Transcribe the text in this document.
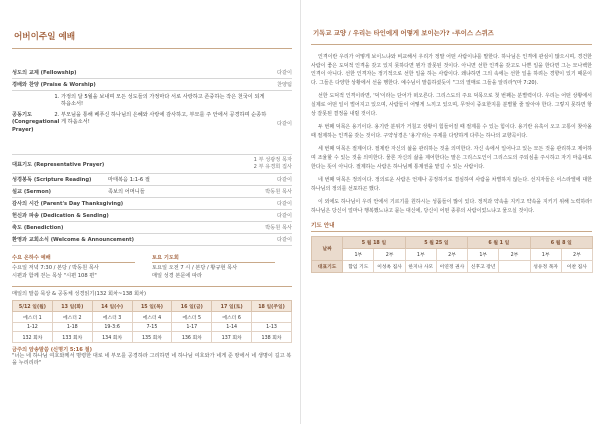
어버이주일 예배
성도의 교제 (Fellowship)	다같이
경배와 찬양 (Praise & Worship)	찬양팀
공동기도 (Congregational Prayer)
1. 가정의 달 5월을 보내며 모든 성도들의 가정마다 서로 사랑하고 존중하는 작은 천국이 되게 하옵소서!
2. 부모님을 통해 베푸신 하나님의 은혜와 사랑에 감사하고, 부모를 주 안에서 공경하며 순종하게 하옵소서!	다같이
대표기도 (Representative Prayer)
1 부 성광정 목자
2 부 유경희 집사
성경봉독 (Scripture Reading)	마태복음 1:1-6 절	다같이
설교 (Sermon)	족보의 어머니들	박동원 목사
감사의 시간 (Parent's Day Thanksgiving)	다같이
헌신과 파송 (Dedication & Sending)	다같이
축도 (Benediction)	박동원 목사
환영과 교회소식 (Welcome & Announcement)	다같이
수요 온하수 예배
수요일 저녁 7:30 / 본당 / 박동원 목사
시편과 함께 걷는 목상 "시편 108 편"
토요 기도회
토요일 오전 7 시 / 본당 / 황규현 목사
매일 성경 본문에 따라
매일의 말씀 묵상 & 공동체 성경읽기(132 회차~138 회차)
5/12 일(월)	13 일(화)	14 일(수)	15 일(목)	16 일(금)	17 일(토)	18 일(주일)
에스더 1	에스더 2	에스더 3	에스더 4	에스더 5	에스더 6	
1-12	1-18	19-3:6	7-15	1-17	1-14	1-13
132 회차	133 회차	134 회차	135 회차	136 회차	137 회차	138 회차
금주의 암송말씀 (신명기 5:16 절)
"너는 네 하나님 여호와께서 명령한 대로 네 부모를 공경하라 그리하면 네 하나님 여호와가 네게 준 땅에서 네 생명이 길고 복을 누리리라"
기독교 교양 / 우리는 타인에게 어떻게 보이는가? -루이스 스퀴즈

인격이란 우리가 어떻게 보이느냐와 비교해서 우리가 정말 어떤 사람이냐를 말한다. 하나님은 인격에 관심이 많으시며, 경건한 사람이 좋은 도덕적 인격을 갖고 있지 못하다면 뭔가 잘못된 것이다. 아니면 선한 인격을 갖고도 나쁜 일을 한다면 그는 모나백한 인격이 아니다. 선한 인격자는 정기적으로 선한 일을 하는 사람이다. 왜냐하면 그의 속에는 선한 일을 하려는 경향이 있기 때문이다. 그들은 다양한 상황에서 선을 행한다. 예수님이 말씀하셨듯이 "그의 열매로 그들을 알리라"(마 7:20).

선한 도덕적 인격이라면, '덕'이라는 단어가 떠오른다. 그리스도의 주요 덕목으로 첫 번째는 분별력이다. 우리는 어떤 상황에서 실제로 어떤 일이 벌어지고 있으며, 사람들이 어떻게 느끼고 있으며, 무엇이 중요한지를 분별할 줄 알아야 한다. 그렇지 못하면 항상 잘못된 결정을 내릴 것이다.

두 번째 덕목은 용기이다. 용기란 분위가 거칠고 상황이 힘들어질 때 절제를 수 있는 힘이다. 용기란 유혹이 오고 고통이 찾아올 때 절제하는 인격을 갖는 것이다. 구약성경은 '용기'라는 주제를 다양하게 다루는 하나의 교향곡이다.

세 번째 덕목은 절제이다. 절제란 자신의 삶을 관리하는 것을 의미한다. 자신 속에서 일어나고 있는 모든 것을 관리하고 제어하며 조율할 수 있는 것을 의미한다. 물론 자신의 삶을 제어한다는 말은 그리스도인이 그리스도의 주되심을 주시하고 자기 마음대로 한다는 뜻이 아니다. 절제하는 사람은 하나님께 통제권을 맡길 수 있는 사람이다.

네 번째 덕목은 정의이다. 정의로운 사람은 언제나 공정하기로 결심하여 사람을 차별하지 않는다. 선지자들은 이스라엘에 대한 하나님의 정의를 선포하곤 했다.

이 외에도 하나님이 우리 안에서 기르기를 원하시는 성품들이 많이 있다. 정직과 약속을 지키고 약속을 지키기 위해 노력하라! 하나님은 당신이 얼마나 행복했느냐고 묻는 대신에, 당신이 어떤 종류의 사람이었느냐고 물으실 것이다.

기도 안내
날짜	5 월 18 일		5 월 25 일		6 월 1 일		6 월 8 일	
	1부	2부	1부	2부	1부	2부	1부	2부
대표기도	함임 기도	이성옥 집사	한지나 사모	이연정 권사	신후고 장년		성유정 목자	이찬 집사
